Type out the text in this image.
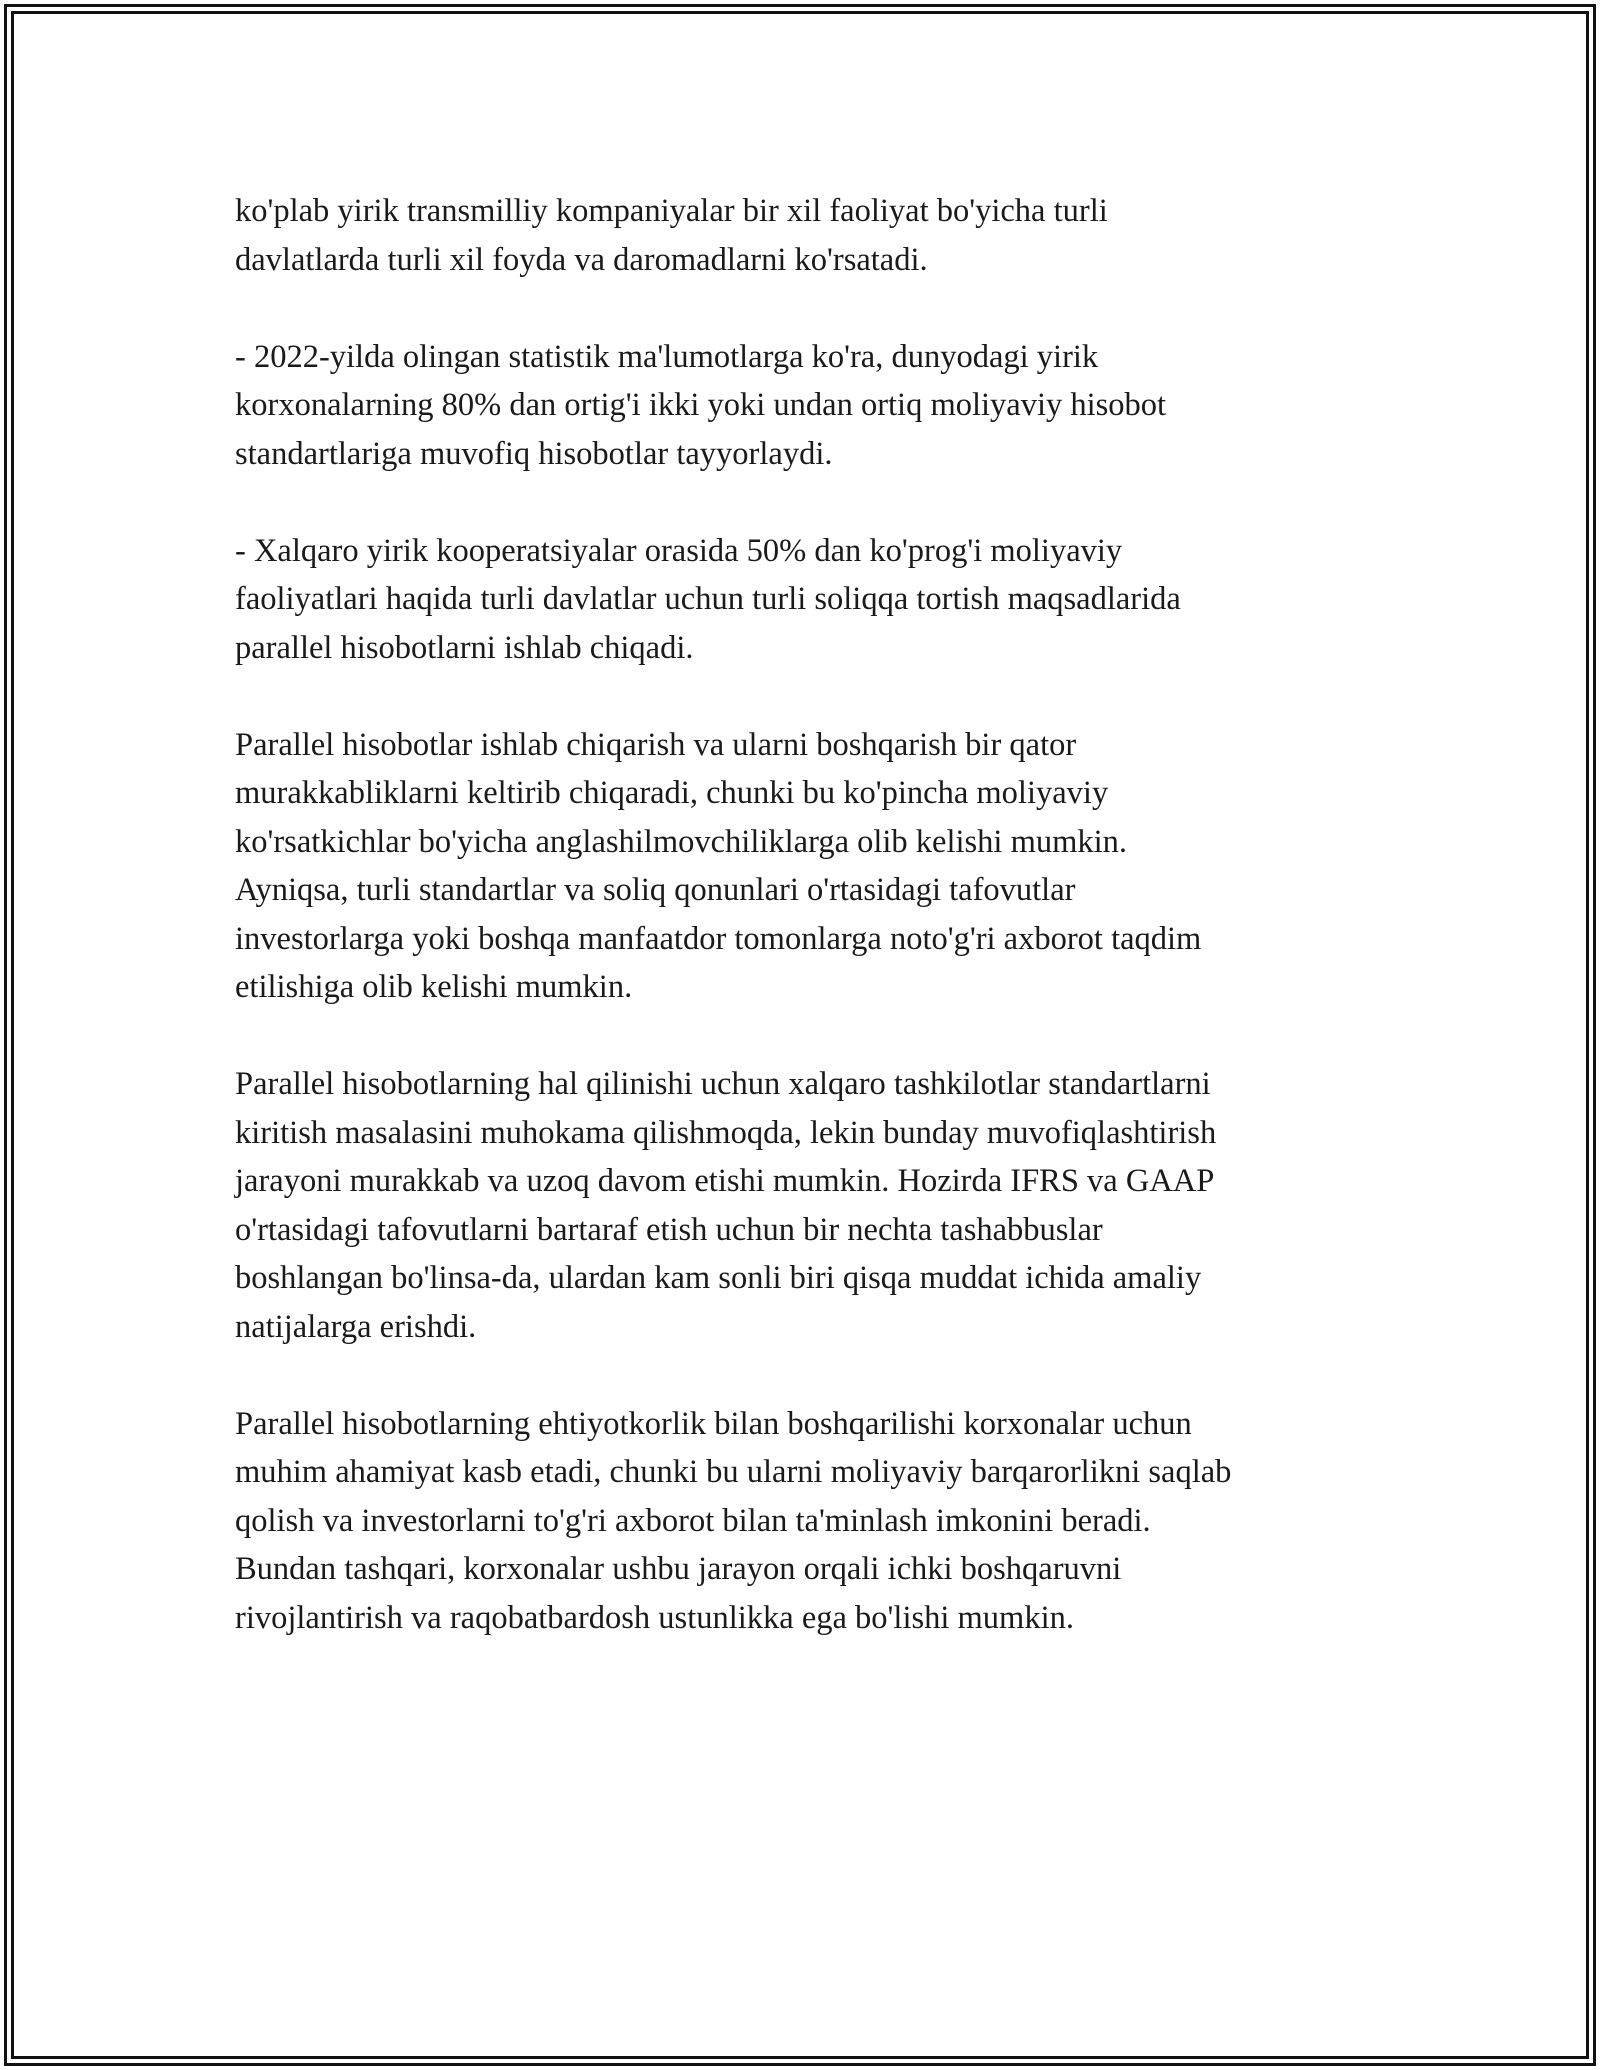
ko'plab yirik transmilliy kompaniyalar bir xil faoliyat bo'yicha turli
davlatlarda turli xil foyda va daromadlarni ko'rsatadi.

- 2022-yilda olingan statistik ma'lumotlarga ko'ra, dunyodagi yirik
korxonalarning 80% dan ortig'i ikki yoki undan ortiq moliyaviy hisobot
standartlariga muvofiq hisobotlar tayyorlaydi.

- Xalqaro yirik kooperatsiyalar orasida 50% dan ko'prog'i moliyaviy
faoliyatlari haqida turli davlatlar uchun turli soliqqa tortish maqsadlarida
parallel hisobotlarni ishlab chiqadi.

Parallel hisobotlar ishlab chiqarish va ularni boshqarish bir qator
murakkabliklarni keltirib chiqaradi, chunki bu ko'pincha moliyaviy
ko'rsatkichlar bo'yicha anglashilmovchiliklarga olib kelishi mumkin.
Ayniqsa, turli standartlar va soliq qonunlari o'rtasidagi tafovutlar
investorlarga yoki boshqa manfaatdor tomonlarga noto'g'ri axborot taqdim
etilishiga olib kelishi mumkin.

Parallel hisobotlarning hal qilinishi uchun xalqaro tashkilotlar standartlarni
kiritish masalasini muhokama qilishmoqda, lekin bunday muvofiqlashtirish
jarayoni murakkab va uzoq davom etishi mumkin. Hozirda IFRS va GAAP
o'rtasidagi tafovutlarni bartaraf etish uchun bir nechta tashabbuslar
boshlangan bo'linsa-da, ulardan kam sonli biri qisqa muddat ichida amaliy
natijalarga erishdi.

Parallel hisobotlarning ehtiyotkorlik bilan boshqarilishi korxonalar uchun
muhim ahamiyat kasb etadi, chunki bu ularni moliyaviy barqarorlikni saqlab
qolish va investorlarni to'g'ri axborot bilan ta'minlash imkonini beradi.
Bundan tashqari, korxonalar ushbu jarayon orqali ichki boshqaruvni
rivojlantirish va raqobatbardosh ustunlikka ega bo'lishi mumkin.
